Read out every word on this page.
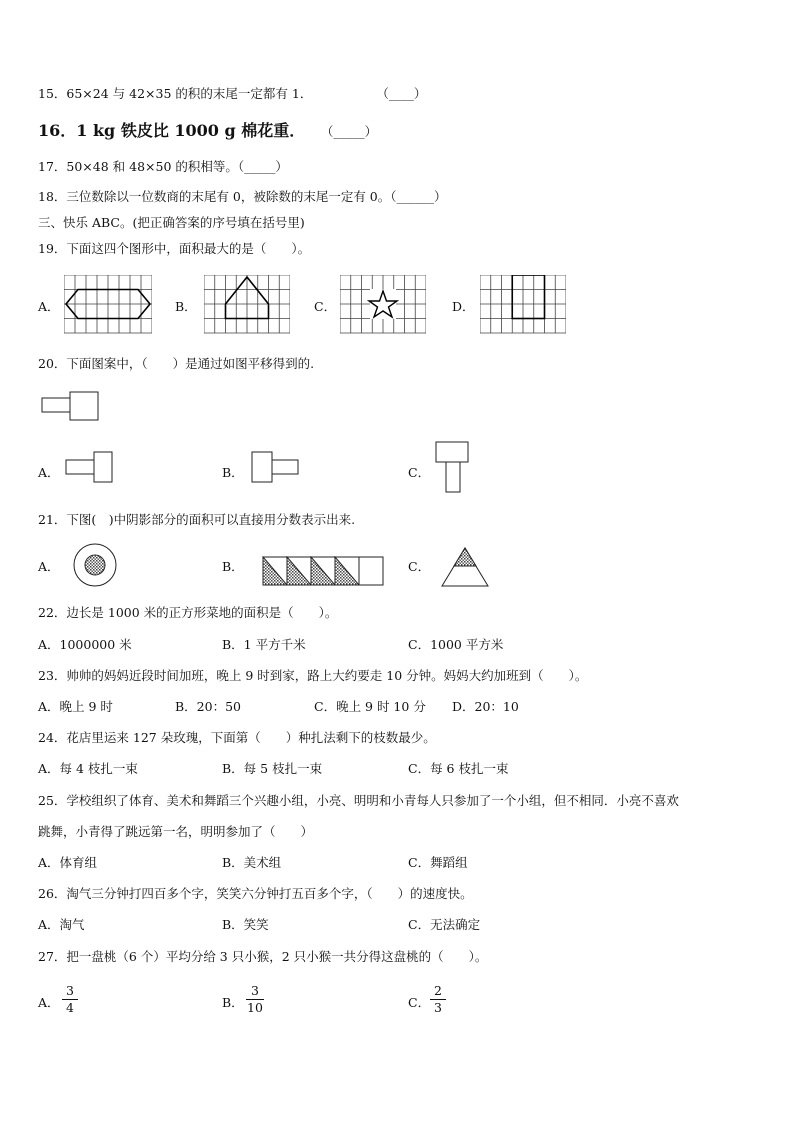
15．65×24 与 42×35 的积的末尾一定都有 1．	（____）
16．1 kg 铁皮比 1000 g 棉花重． （_____）
17．50×48 和 48×50 的积相等。（_____）
18．三位数除以一位数商的末尾有 0，被除数的末尾一定有 0。（______）
三、快乐 ABC。(把正确答案的序号填在括号里)
19．下面这四个图形中，面积最大的是（　　）。
A．	B．	C．	D．
20．下面图案中，（　　）是通过如图平移得到的.
A．	B．	C．
21．下图(　)中阴影部分的面积可以直接用分数表示出来.
A．	B．	C．
22．边长是 1000 米的正方形菜地的面积是（　　）。
A．1000000 米	B．1 平方千米	C．1000 平方米
23．帅帅的妈妈近段时间加班，晚上 9 时到家，路上大约要走 10 分钟。妈妈大约加班到（　　）。
A．晚上 9 时	B．20：50	C．晚上 9 时 10 分 D．20：10
24．花店里运来 127 朵玫瑰，下面第（　　）种扎法剩下的枝数最少。
A．每 4 枝扎一束	B．每 5 枝扎一束	C．每 6 枝扎一束
25．学校组织了体育、美术和舞蹈三个兴趣小组，小亮、明明和小青每人只参加了一个小组，但不相同．小亮不喜欢
跳舞，小青得了跳远第一名，明明参加了（　　）
A．体育组	B．美术组	C．舞蹈组
26．淘气三分钟打四百多个字，笑笑六分钟打五百多个字，（　　）的速度快。
A．淘气	B．笑笑	C．无法确定
27．把一盘桃（6 个）平均分给 3 只小猴，2 只小猴一共分得这盘桃的（　　）。
A． $\frac{3}{4}$	B． $\frac{3}{10}$	C． $\frac{2}{3}$
